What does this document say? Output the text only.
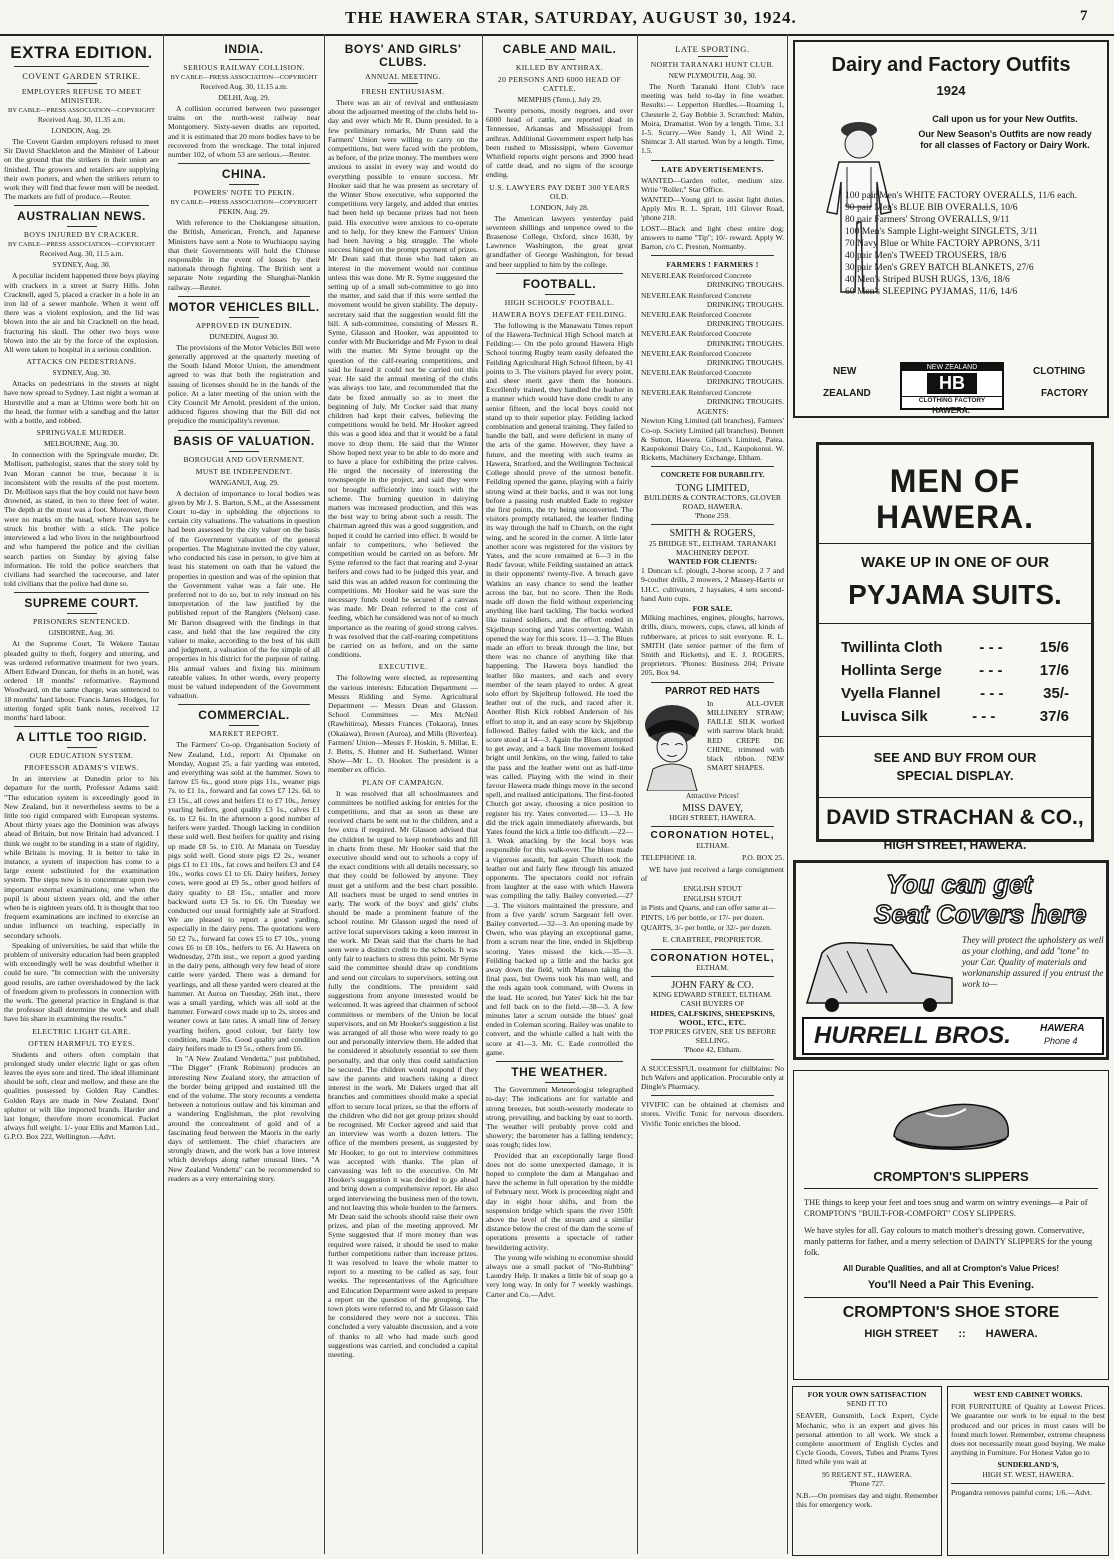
THE HAWERA STAR, SATURDAY, AUGUST 30, 1924.	7
EXTRA EDITION.
COVENT GARDEN STRIKE.
EMPLOYERS REFUSE TO MEET MINISTER.
BY CABLE—PRESS ASSOCIATION—COPYRIGHT
Received Aug. 30, 11.35 a.m.
LONDON, Aug. 29.

The Covent Garden employers refused to meet Sir David Shackleton and the Minister of Labour on the ground that the strikers in their union are finished. The growers and retailers are supplying their own porters, and when the strikers return to work they will find that fewer men will be needed. The markets are full of produce.—Reuter.

AUSTRALIAN NEWS.
BOYS INJURED BY CRACKER.
BY CABLE—PRESS ASSOCIATION—COPYRIGHT
Received Aug. 30, 11.5 a.m.
SYDNEY, Aug. 30.

A peculiar incident happened three boys playing with crackers in a street at Surry Hills. John Cracknell, aged 5, placed a cracker in a hole in an iron lid of a sewer manhole. When it went off there was a violent explosion, and the lid was blown into the air and hit Cracknell on the head, fracturing his skull. The other two boys were blown into the air by the force of the explosion. All were taken to hospital in a serious condition.

ATTACKS ON PEDESTRIANS.
SYDNEY, Aug. 30.

Attacks on pedestrians in the streets at night have now spread to Sydney. Last night a woman at Hurstville and a man at Ultimo were both hit on the head, the former with a sandbag and the latter with a bottle, and robbed.

SPRINGVALE MURDER.
MELBOURNE, Aug. 30.

In connection with the Springvale murder, Dr. Mollison, pathologist, states that the story told by Ivan Moran cannot be true, because it is inconsistent with the results of the post mortem. Dr. Mollison says that the boy could not have been drowned, as stated, in two to three feet of water. The depth at the most was a foot. Moreover, there were no marks on the head, where Ivan says he struck his brother with a stick. The police interviewed a lad who lives in the neighbourhood and who hampered the police and the civilian search parties on Sunday by giving false information. He told the police searchers that civilians had searched the racecourse, and later told civilians that the police had done so.

SUPREME COURT.
PRISONERS SENTENCED.
GISBORNE, Aug. 30.

At the Supreme Court, Te Wekere Tautau pleaded guilty to theft, forgery and uttering, and was ordered reformative treatment for two years. Albert Edward Duncan, for thefts in an hotel, was ordered 18 months' reformative. Raymond Woodward, on the same charge, was sentenced to 18 months' hard labour. Francis James Hodges, for uttering forged split bank notes, received 12 months' hard labour.

A LITTLE TOO RIGID.
OUR EDUCATION SYSTEM.
PROFESSOR ADAMS'S VIEWS.

In an interview at Dunedin prior to his departure for the north, Professor Adams said: "The education system is exceedingly good in New Zealand, but it nevertheless seems to be a little too rigid compared with European systems. About thirty years ago the Dominion was always ahead of Britain, but now Britain had advanced. I think we ought to be standing in a state of rigidity, while Britain is moving. It is better to take in instance, a system of inspection has come to a large extent substituted for the examination system. The steps now is to concentrate upon two important external examinations; one when the pupil is about sixteen years old, and the other when he is eighteen years old. It is thought that too frequent examinations are inclined to exercise an undue influence on teaching, especially in secondary schools.

Speaking of universities, he said that while the problem of university education had been grappled with exceedingly well he was doubtful whether it could be sure. "In connection with the university good results, are rather overshadowed by the lack of freedom given to professors in connection with the work. The general practice in England is that the professor shall determine the work and shall have his share in examining the results."

ELECTRIC LIGHT GLARE.
OFTEN HARMFUL TO EYES.

Students and others often complain that prolonged study under electric light or gas often leaves the eyes sore and tired. The ideal illuminant should be soft, clear and mellow, and these are the qualities possessed by Golden Ray Candles. Golden Rays are made in New Zealand. Dont' splutter or wilt like imported brands. Harder and last longer, therefore more economical. Packet always full weight. 1/- your Ellis and Manton Ltd., G.P.O. Box 222, Wellington.—Advt.

INDIA.
SERIOUS RAILWAY COLLISION.
BY CABLE—PRESS ASSOCIATION—COPYRIGHT
Received Aug. 30, 11.15 a.m.
DELHI, Aug. 29.

A collision occurred between two passenger trains on the north-west railway near Montgomery. Sixty-seven deaths are reported, and it is estimated that 20 more bodies have to be recovered from the wreckage. The total injured number 102, of whom 53 are serious.—Reuter.

CHINA.
POWERS' NOTE TO PEKIN.
BY CABLE—PRESS ASSOCIATION—COPYRIGHT
PEKIN, Aug. 29.

With reference to the Chekiangese situation, the British, American, French, and Japanese Ministers have sent a Note to Wuchiaopu saying that their Governments will hold the Chinese responsible in the event of losses by their nationals through fighting. The British sent a separate Note regarding the Shanghai-Nankin railway.—Reuter.

MOTOR VEHICLES BILL.
APPROVED IN DUNEDIN.
DUNEDIN, August 30.

The provisions of the Motor Vehicles Bill were generally approved at the quarterly meeting of the South Island Motor Union, the amendment agreed to was that both the registration and issuing of licenses should be in the hands of the police. At a later meeting of the union with the City Council Mr Arnold, president of the union, adduced figures showing that the Bill did not prejudice the municipality's revenue.

BASIS OF VALUATION.
BOROUGH AND GOVERNMENT.
MUST BE INDEPENDENT.
WANGANUI, Aug. 29.

A decision of importance to local bodies was given by Mr J. S. Barton, S.M., at the Assessment Court to-day in upholding the objections to certain city valuations. The valuations in question had been assessed by the city valuer on the basis of the Government valuation of the general properties. The Magistrate invited the city valuer, who conducted his case in person, to give him at least his statement on oath that he valued the properties in question and was of the opinion that the Government value was a fair one. He preferred not to do so, but to rely instead on his interpretation of the law justified by the published report of the Rangiers (Nelson) case. Mr Barton disagreed with the findings in that case, and held that the law required the city valuer to make, according to the best of his skill and judgment, a valuation of the fee simple of all properties in his district for the purpose of rating. His annual values and fixing his minimum rateable values. In other words, every property must be valued independent of the Government valuation.

COMMERCIAL.
MARKET REPORT.

The Farmers' Co-op. Organisation Society of New Zealand, Ltd., report: At Opunake on Monday, August 25, a fair yarding was entered, and everything was sold at the hammer. Sows to farrow £5 6s., good store pigs 11s., weaner pigs 7s. to £1 1s., forward and fat cows £7 12s. 6d. to £3 15s., all cows and heifers £1 to £7 10s., Jersey yearling heifers, good quality £3 1s., calves £1 6s. to £2 6s. In the afternoon a good number of heifers were yarded. Though lacking in condition these sold well. Best heifers for quality and rising up made £8 5s. to £10. At Manaia on Tuesday pigs sold well. Good store pigs £2 2s., weaner pigs £1 to £1 10s., fat cows and heifers £3 and £4 10s., works cows £1 to £6. Dairy heifers, Jersey cows, were good at £9 5s., other good heifers of dairy quality to £8 15s., smaller and more backward sorts £3 5s. to £6. On Tuesday we conducted our usual fortnightly sale at Stratford. We are pleased to report a good yarding, especially in the dairy pens. The quotations were 50 £2 7s., forward fat cows £5 to £7 10s., young cows £6 to £8 10s., heifers to £6. At Hawera on Wednesday, 27th inst., we report a good yarding in the dairy pens, although very few head of store cattle were yarded. There was a demand for yearlings, and all these yarded were cleared at the hammer. At Auroa on Tuesday, 26th inst., there was a small yarding, which was all sold at the hammer. Forward cows made up to 2s, stores and weaner cows at late rates. A small line of Jersey yearling heifers, good colour, but fairly low condition, made 35s. Good quality and condition dairy heifers made to £9 5s., others from £6.

In "A New Zealand Vendetta," just published, "The Digger" (Frank Robinson) produces an interesting New Zealand story, the attraction of the border being gripped and sustained till the end of the volume. The story recounts a vendetta between a notorious outlaw and his kinsman and a wandering Englishman, the plot revolving around the concealment of gold and of a fascinating feud between the Maoris in the early days of settlement. The chief characters are strongly drawn, and the work has a love interest which develops along rather unusual lines. "A New Zealand Vendetta" can be recommended to readers as a very entertaining story.

BOYS' AND GIRLS' CLUBS.
ANNUAL MEETING.
FRESH ENTHUSIASM.

There was an air of revival and enthusiasm about the adjourned meeting of the clubs held to-day and over which Mr R. Dunn presided. In a few preliminary remarks, Mr Dunn said the Farmers' Union were willing to carry on the competitions, but were faced with the problem, as before, of the prize money. The members were anxious to assist in every way and would do everything possible to ensure success. Mr Hooker said that he was present as secretary of the Winter Show executive, who supported the competitions very largely, and added that entries had been held up because prizes had not been paid. His executive were anxious to co-operate and to help, for they knew the Farmers' Union had been having a big struggle. The whole success hinged on the prompt payment of prizes. Mr Dean said that those who had taken an interest in the movement would not continue unless this was done. Mr R. Syme suggested the setting up of a small sub-committee to go into the matter, and said that if this were settled the movement would be given stability. The deputy-secretary said that the suggestion would fill the bill. A sub-committee, consisting of Messrs R. Syme, Glasson and Hooker, was appointed to confer with Mr Buckeridge and Mr Fyson to deal with the matter. Mr Syme brought up the question of the calf-rearing competitions, and said he feared it could not be carried out this year. He said the annual meeting of the clubs was always too late, and recommended that the date be fixed annually so as to meet the beginning of July. Mr Cocker said that many children had kept their calves, believing the competitions would be held. Mr Hooker agreed this was a good idea and that it would be a fatal move to drop them. He said that the Winter Show hoped next year to be able to do more and to have a place for exhibiting the prize calves. He urged the necessity of interesting the townspeople in the project, and said they were not brought sufficiently into touch with the scheme. The burning question in dairying matters was increased production, and this was the best way to bring about such a result. The chairman agreed this was a good suggestion, and hoped it could be carried into effect. It would be unfair to competitors, who believed the competition would be carried on as before. Mr Syme referred to the fact that rearing and 2-year heifers and cows had to be judged this year, and said this was an added reason for continuing the competitions. Mr Hooker said he was sure the necessary funds could be secured if a canvass was made. Mr Dean referred to the cost of feeding, which he considered was not of so much importance as the rearing of good strong calves. It was resolved that the calf-rearing competitions be carried on as before, and on the same conditions.

EXECUTIVE.

The following were elected, as representing the various interests: Education Department — Messrs Ridding and Syme. Agricultural Department — Messrs Dean and Glasson. School Committees — Mrs McNeil (Rawhitiroa), Messrs Frances (Tokaora), Innes (Okaiawa), Brown (Auroa), and Mills (Riverlea). Farmers' Union—Messrs F. Hoskin, S. Millar, E. J. Betts, S. Hunter and H. Sutherland. Winter Show—Mr L. O. Hooker. The president is a member ex officio.

PLAN OF CAMPAIGN.

It was resolved that all schoolmasters and committees be notified asking for entries for the competitions, and that as soon as these are received charts be sent out to the children, and a few extra if required. Mr Glasson advised that the children be urged to keep notebooks and fill in charts from these. Mr Hooker said that the executive should send out to schools a copy of the exact conditions with all details necessary, so that they could be followed by anyone. They must get a uniform and the best chart possible. All teachers must be urged to send entries in early. The work of the boys' and girls' clubs should be made a prominent feature of the school routine. Mr Glasson urged the need of active local supervisors taking a keen interest in the work. Mr Dean said that the charts he had seen were a distinct credit to the schools. It was only fair to teachers to stress this point. Mr Syme said the committee should draw up conditions and send out circulars to supervisors, setting out fully the conditions. The president said suggestions from anyone interested would be welcomed. It was agreed that chairmen of school committees or members of the Union be local supervisors, and on Mr Hooker's suggestion a list was arranged of all those who were ready to go out and personally interview them. He added that he considered it absolutely essential to see them personally, and that only thus could satisfaction be secured. The children would respond if they saw the parents and teachers taking a direct interest in the work. Mr Dakers urged that all branches and committees should make a special effort to secure local prizes, so that the efforts of the children who did not get group prizes should be recognised. Mr Cocker agreed and said that an interview was worth a dozen letters. The office of the members present, as suggested by Mr Hooker, to go out to interview committees was accepted with thanks. The plan of canvassing was left to the executive. On Mr Hooker's suggestion it was decided to go ahead and bring down a comprehensive report. He also urged interviewing the business men of the town, and not leaving this whole burden to the farmers. Mr Dean said the schools should raise their own prizes, and plan of the meeting approved. Mr Syme suggested that if more money than was required were raised, it should be used to make further competitions rather than increase prizes. It was resolved to leave the whole matter to report to a meeting to be called as say, four weeks. The representatives of the Agriculture and Education Department were asked to prepare a report on the question of the grouping. The town plots were referred to, and Mr Glasson said he considered they were not a success. This concluded a very valuable discussion, and a vote of thanks to all who had made such good suggestions was carried, and concluded a capital meeting.

CABLE AND MAIL.
KILLED BY ANTHRAX.
20 PERSONS AND 6000 HEAD OF CATTLE.
MEMPHIS (Tenn.), July 29.

Twenty persons, mostly negroes, and over 6000 head of cattle, are reported dead in Tennessee, Arkansas and Mississippi from anthrax. Additional Government expert help has been rushed to Mississippi, where Governor Whitfield reports eight persons and 3900 head of cattle dead, and no signs of the scourge ending.

U.S. LAWYERS PAY DEBT 300 YEARS OLD.
LONDON, July 28.

The American lawyers yesterday paid seventeen shillings and tenpence owed to the Brasenose College, Oxford, since 1630, by Lawrence Washington, the great great grandfather of George Washington, for bread and beer supplied to him by the college.

FOOTBALL.
HIGH SCHOOLS' FOOTBALL.
HAWERA BOYS DEFEAT FEILDING.

The following is the Manawatu Times report of the Hawera-Technical High School match at Feilding:— On the polo ground Hawera High School touring Rugby team easily defeated the Feilding Agricultural High School fifteen, by 41 points to 3. The visitors played for every point, and sheer merit gave them the honours. Excellently trained, they handled the leather in a manner which would have done credit to any senior fifteen, and the local boys could not stand up to their superior play. Feilding lacked combination and general training. They failed to handle the ball, and were deficient in many of the arts of the game. However, they have a future, and the meeting with such teams as Hawera, Stratford, and the Wellington Technical College should prove of the utmost benefit. Feilding opened the game, playing with a fairly strong wind at their backs, and it was not long before a passing rush enabled Eade to register the first points, the try being unconverted. The visitors promptly retaliated, the leather finding its way through the half to Church, on the right wing, and he scored in the corner. A little later another score was registered for the visitors by Yates, and the score remained at 6—3 in the Reds' favour, while Feilding sustained an attack in their opponents' twenty-five. A breach gave Watkins an easy chance to send the leather across the bar, but no score. Then the Reds made off down the field without experiencing anything like hard tackling. The backs worked like trained soldiers, and the effort ended in Skjelbrup scoring and Yates converting. Walsh opened the way for this score. 11—3. The Blues made an effort to break through the line, but there was no chance of anything like that happening. The Hawera boys handled the leather like masters, and each and every member of the team played to order. A great solo effort by Skjelbrup followed. He toed the leather out of the ruck, and raced after it. Another Rish Kick robbed Anderson of his effort to stop it, and an easy score by Skjelbrup followed. Bailey failed with the kick, and the score stood at 14—3. Again the Blues attempted to get away, and a back line movement looked bright until Jenkins, on the wing, failed to take the pass and the leather went out as half-time was called. Playing with the wind in their favour Hawera made things move in the second spell, and realised anticipations. The first-footed Church got away, choosing a nice position to register his try. Yates converted.— 13—3. He did the trick again immediately afterwards, but Yates found the kick a little too difficult.—22—3. Weak attacking by the local boys was responsible for this walk-over. The blues made a vigorous assault, but again Church took the leather out and fairly flew through his amazed opponents. The spectators could not refrain from laughter at the ease with which Hawera was compiling the tally. Bailey converted.—27—3. The visitors maintained the pressure, and from a five yards' scrum Sargeant fell over. Bailey converted.—32—3. An opening made by Owen, who was playing an exceptional game, from a scrum near the line, ended in Skjelbrup scoring. Yates missed the kick.—35—3. Feilding backed up a little and the backs got away down the field, with Manson taking the final pass, but Owens took his man well, and the reds again took command, with Owens in the lead. He scored, but Yates' kick hit the bar and fell back on to the field.—38—3. A few minutes later a scrum outside the blues' goal ended in Coleman scoring. Bailey was unable to convert, and the whistle called a halt with the score at 41—3. Mr. C. Eade controlled the game.

THE WEATHER.

The Government Meteorologist telegraphed to-day: The indications are for variable and strong breezes, but south-westerly moderate to strong, prevailing, and backing by east to north. The weather will probably prove cold and showery; the barometer has a falling tendency; seas rough; tides low.

Provided that an exceptionally large flood does not do some unexpected damage, it is hoped to complete the dam at Mangahao and have the scheme in full operation by the middle of February next. Work is proceeding night and day in eight hour shifts, and from the suspension bridge which spans the river 150ft above the level of the stream and a similar distance below the crest of the dam the scene of operations presents a spectacle of rather bewildering activity.

The young wife wishing to economise should always use a small packet of "No-Rubbing" Laundry Help. It makes a little bit of soap go a very long way. In only for 7 weekly washings. Carter and Co.—Advt.

LATE SPORTING.
NORTH TARANAKI HUNT CLUB.
NEW PLYMOUTH, Aug. 30.

The North Taranaki Hunt Club's race meeting was held to-day in fine weather. Results:— Lepperton Hurdles.—Roaming 1, Chesterle 2, Gay Bobbie 3. Scratched: Mahin, Moira, Dramatist. Won by a length. Time, 3.1 1-5. Scurry.—Wee Sandy 1, All Wind 2, Shimcar 3. All started. Won by a length. Time, 1.5.

LATE ADVERTISEMENTS.

WANTED—Garden roller, medium size. Write "Roller," Star Office.

WANTED—Young girl to assist light duties. Apply Mrs R. L. Spratt, 101 Glover Road, 'phone 218.

LOST—Black and light chest entire dog; answers to name "Tip"; 10/- reward. Apply W. Barton, c/o C. Preston, Normanby.

FARMERS ! FARMERS !
NEVERLEAK Reinforced Concrete
DRINKING TROUGHS.
NEVERLEAK Reinforced Concrete
DRINKING TROUGHS.
NEVERLEAK Reinforced Concrete
DRINKING TROUGHS.
NEVERLEAK Reinforced Concrete
DRINKING TROUGHS.
NEVERLEAK Reinforced Concrete
DRINKING TROUGHS.
NEVERLEAK Reinforced Concrete
DRINKING TROUGHS.
NEVERLEAK Reinforced Concrete
DRINKING TROUGHS.
AGENTS:

Newton King Limited (all branches), Farmers' Co-op. Society Limited (all branches). Bennett & Sutton, Hawera. Gibson's Limited, Patea. Kaupokonui Dairy Co., Ltd., Kaupokonui. W. Ricketts, Machinery Exchange, Eltham.

CONCRETE FOR DURABILITY.
TONG LIMITED,
BUILDERS & CONTRACTORS, GLOVER ROAD, HAWERA.
'Phone 259.
SMITH & ROGERS,
25 BRIDGE ST., ELTHAM. TARANAKI MACHINERY DEPOT.
WANTED FOR CLIENTS:

1 Duncan s.f. plough, 2-horse scoop, 2 7 and 9-coulter drills, 2 mowers, 2 Massey-Harris or I.H.C. cultivators, 2 haysakes, 4 sets second-hand Auto cups.

FOR SALE.

Milking machines, engines, ploughs, harrows, drills, discs, mowers, cups, claws, all kinds of rubberware, at prices to suit everyone. R. L. SMITH (late senior partner of the firm of Smith and Ricketts), and E. J. ROGERS, proprietors. 'Phones: Business 204; Private 205, Box 94.

PARROT RED HATS
In ALL-OVER MILLINERY STRAW; FAILLE SILK worked with narrow black braid; RED CREPE DE CHINE, trimmed with black ribbon. NEW SMART SHAPES.
Attractive Prices!
MISS DAVEY,
HIGH STREET, HAWERA.
CORONATION HOTEL,
ELTHAM.
TELEPHONE 18.	P.O. BOX 25.

WE have just received a large consignment of

ENGLISH STOUT
ENGLISH STOUT

in Pints and Quarts, and can offer same at—

PINTS, 1/6 per bottle, or 17/- per dozen.

QUARTS, 3/- per bottle, or 32/- per dozen.

E. CRABTREE, PROPRIETOR.
CORONATION HOTEL,
ELTHAM.
JOHN FARY & CO.
KING EDWARD STREET, ELTHAM.
CASH BUYERS OF
HIDES, CALFSKINS, SHEEPSKINS, WOOL, ETC., ETC.
TOP PRICES GIVEN, SEE US BEFORE SELLING.
'Phone 42, Eltham.

A SUCCESSFUL treatment for chilblains: No Itch Wafers and application. Procurable only at Dingle's Pharmacy.

VIVIFIC can be obtained at chemists and stores. Vivific Tonic for nervous disorders. Vivific Tonic enriches the blood.

Dairy and Factory Outfits
1924
Call upon us for your New Outfits.
Our New Season's Outfits are now ready for all classes of Factory or Dairy Work.
100 pair Men's WHITE FACTORY OVERALLS, 11/6 each.
90 pair Men's BLUE BIB OVERALLS, 10/6
80 pair Farmers' Strong OVERALLS, 9/11
100 Men's Sample Light-weight SINGLETS, 3/11
70 Navy Blue or White FACTORY APRONS, 3/11
40 pair Men's TWEED TROUSERS, 18/6
30 pair Men's GREY BATCH BLANKETS, 27/6
40 Men's Striped BUSH RUGS, 13/6, 18/6
60 Men's SLEEPING PYJAMAS, 11/6, 14/6
NEW
ZEALAND
CLOTHING
FACTORY
NEW ZEALAND
HB
CLOTHING FACTORY
HAWERA.
MEN OF HAWERA.
WAKE UP IN ONE OF OUR
PYJAMA SUITS.
Twillinta Cloth - - - 15/6
Hollinta Serge - - - 17/6
Vyella Flannel	- - -	35/-
Luvisca Silk	- - -	37/6
SEE AND BUY FROM OUR SPECIAL DISPLAY.
DAVID STRACHAN & CO.,
HIGH STREET, HAWERA.
You can get
Seat Covers here
They will protect the upholstery as well as your clothing, and add "tone" to your Car. Quality of materials and workmanship assured if you entrust the work to—
HURRELL BROS.	HAWERA
Phone 4
CROMPTON'S SLIPPERS
THE things to keep your feet and toes snug and warm on wintry evenings—a Pair of CROMPTON'S "BUILT-FOR-COMFORT" COSY SLIPPERS.
We have styles for all. Gay colours to match mother's dressing gown. Conservative, manly patterns for father, and a merry selection of DAINTY SLIPPERS for the young folk.
All Durable Qualities, and all at Crompton's Value Prices!
You'll Need a Pair This Evening.
CROMPTON'S SHOE STORE
HIGH STREET :: HAWERA.
FOR YOUR OWN SATISFACTION
SEND IT TO

SEAVER, Gunsmith, Lock Expert, Cycle Mechanic, who is an expert and gives his personal attention to all work. We stock a complete assortment of English Cycles and Cycle Goods, Covers, Tubes and Prams Tyres fitted while you wait at

95 REGENT ST., HAWERA.
'Phone 727.

N.B.—On premises day and night. Remember this for emergency work.

WEST END CABINET WORKS.

FOR FURNITURE of Quality at Lowest Prices. We guarantee our work to be equal to the best produced and our prices in most cases will be found much lower. Remember, extreme cheapness does not necessarily mean good buying. We make anything in Furniture. For Honest Value go to

SUNDERLAND'S,
HIGH ST. WEST, HAWERA.

Progandra removes painful corns; 1/6.—Advt.
